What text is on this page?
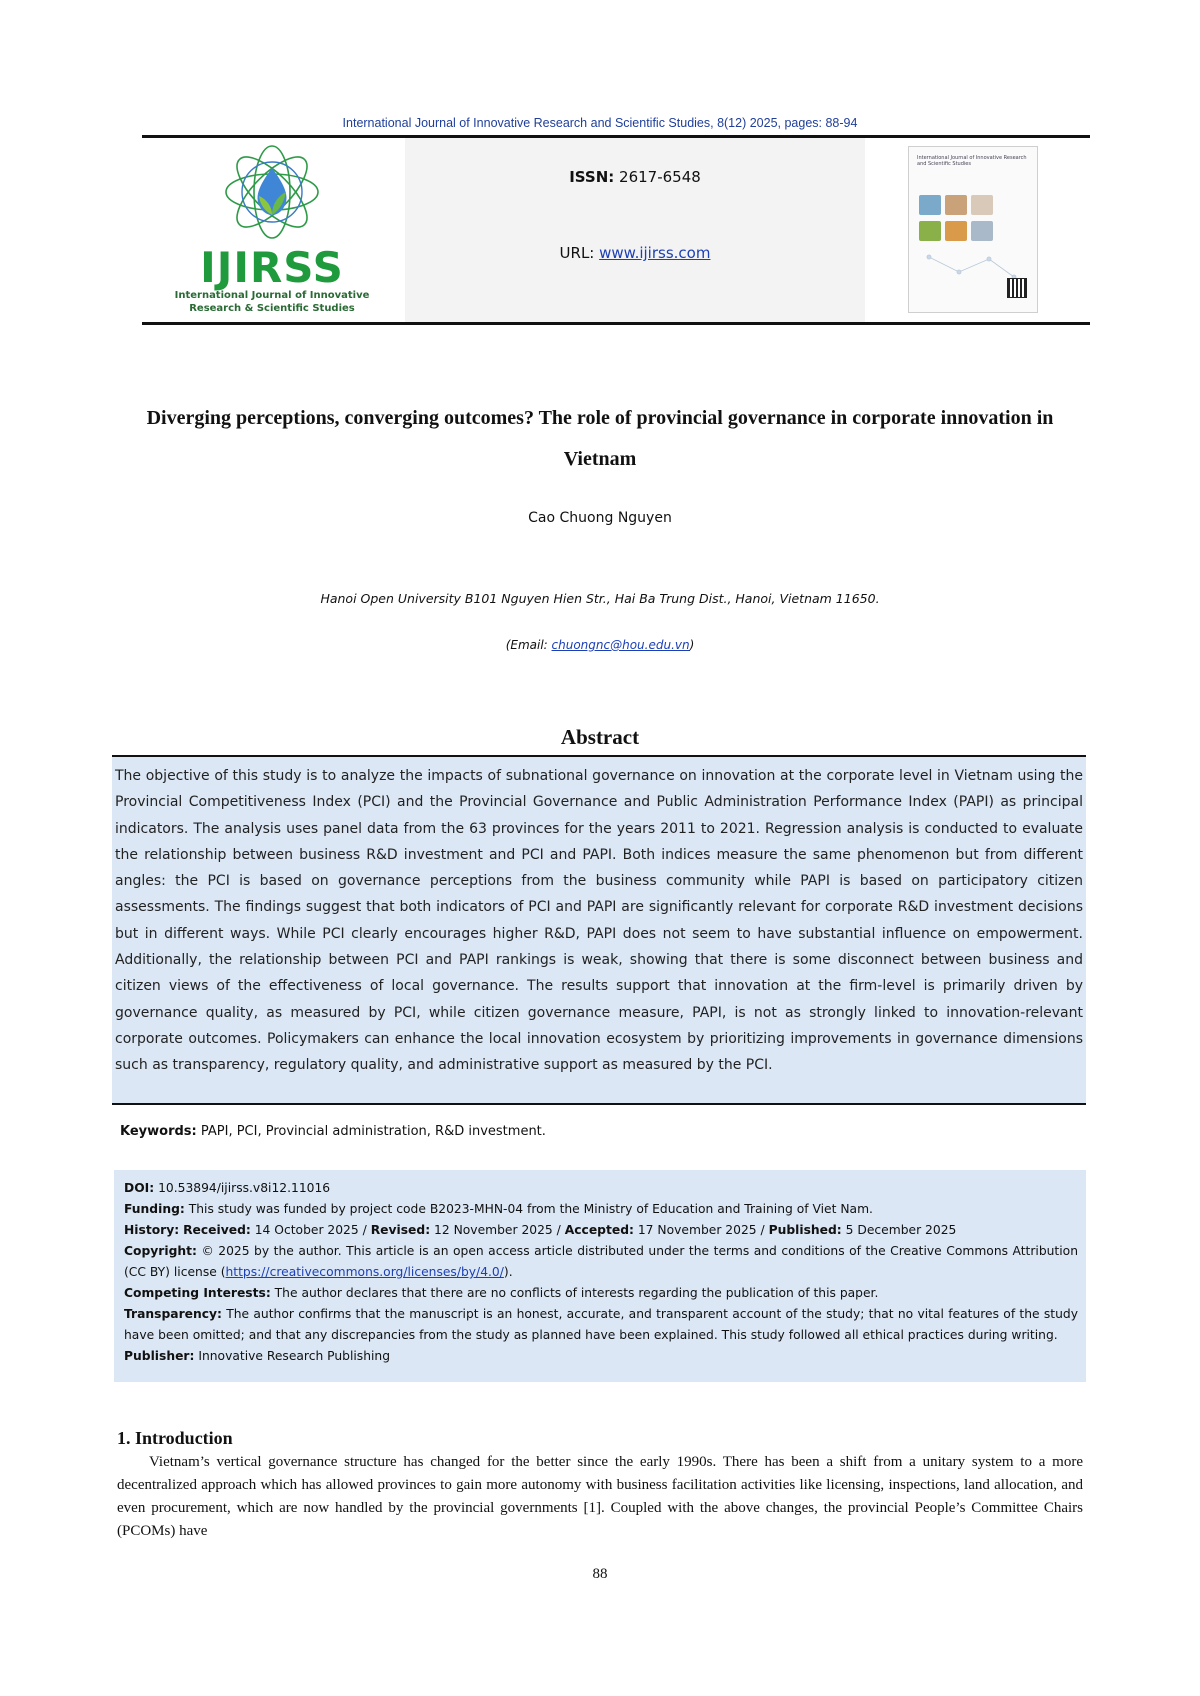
International Journal of Innovative Research and Scientific Studies, 8(12) 2025, pages: 88-94
IJIRSS
International Journal of Innovative
Research & Scientific Studies
ISSN: 2617-6548
URL: www.ijirss.com
International Journal of Innovative Research and Scientific Studies
Diverging perceptions, converging outcomes? The role of provincial governance in corporate innovation in Vietnam
Cao Chuong Nguyen
Hanoi Open University B101 Nguyen Hien Str., Hai Ba Trung Dist., Hanoi, Vietnam 11650.
(Email: chuongnc@hou.edu.vn)
Abstract
The objective of this study is to analyze the impacts of subnational governance on innovation at the corporate level in Vietnam using the Provincial Competitiveness Index (PCI) and the Provincial Governance and Public Administration Performance Index (PAPI) as principal indicators. The analysis uses panel data from the 63 provinces for the years 2011 to 2021. Regression analysis is conducted to evaluate the relationship between business R&D investment and PCI and PAPI. Both indices measure the same phenomenon but from different angles: the PCI is based on governance perceptions from the business community while PAPI is based on participatory citizen assessments. The findings suggest that both indicators of PCI and PAPI are significantly relevant for corporate R&D investment decisions but in different ways. While PCI clearly encourages higher R&D, PAPI does not seem to have substantial influence on empowerment. Additionally, the relationship between PCI and PAPI rankings is weak, showing that there is some disconnect between business and citizen views of the effectiveness of local governance. The results support that innovation at the firm-level is primarily driven by governance quality, as measured by PCI, while citizen governance measure, PAPI, is not as strongly linked to innovation-relevant corporate outcomes. Policymakers can enhance the local innovation ecosystem by prioritizing improvements in governance dimensions such as transparency, regulatory quality, and administrative support as measured by the PCI.
Keywords: PAPI, PCI, Provincial administration, R&D investment.
DOI: 10.53894/ijirss.v8i12.11016
Funding: This study was funded by project code B2023-MHN-04 from the Ministry of Education and Training of Viet Nam.
History: Received: 14 October 2025 / Revised: 12 November 2025 / Accepted: 17 November 2025 / Published: 5 December 2025
Copyright: © 2025 by the author. This article is an open access article distributed under the terms and conditions of the Creative Commons Attribution (CC BY) license (https://creativecommons.org/licenses/by/4.0/).
Competing Interests: The author declares that there are no conflicts of interests regarding the publication of this paper.
Transparency: The author confirms that the manuscript is an honest, accurate, and transparent account of the study; that no vital features of the study have been omitted; and that any discrepancies from the study as planned have been explained. This study followed all ethical practices during writing.
Publisher: Innovative Research Publishing
1. Introduction
Vietnam’s vertical governance structure has changed for the better since the early 1990s. There has been a shift from a unitary system to a more decentralized approach which has allowed provinces to gain more autonomy with business facilitation activities like licensing, inspections, land allocation, and even procurement, which are now handled by the provincial governments [1]. Coupled with the above changes, the provincial People’s Committee Chairs (PCOMs) have
88
